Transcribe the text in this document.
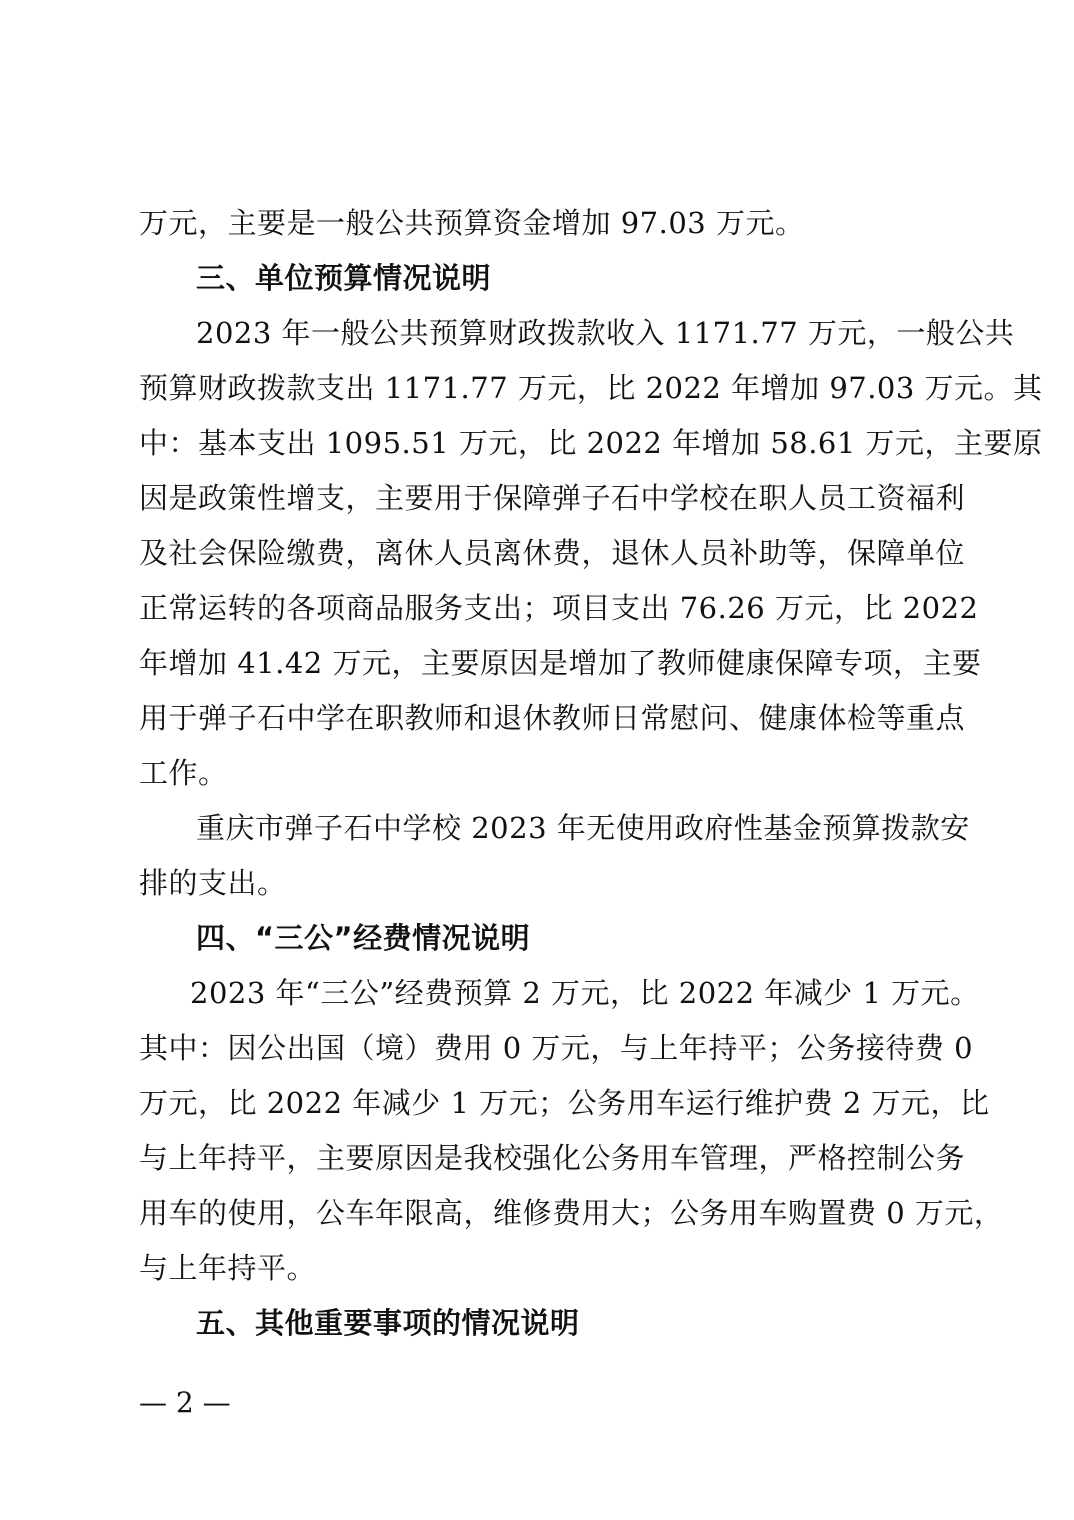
万元，主要是一般公共预算资金增加 97.03 万元。
三、单位预算情况说明
2023 年一般公共预算财政拨款收入 1171.77 万元，一般公共
预算财政拨款支出 1171.77 万元，比 2022 年增加 97.03 万元。其
中：基本支出 1095.51 万元，比 2022 年增加 58.61 万元，主要原
因是政策性增支，主要用于保障弹子石中学校在职人员工资福利
及社会保险缴费，离休人员离休费，退休人员补助等，保障单位
正常运转的各项商品服务支出；项目支出 76.26 万元，比 2022
年增加 41.42 万元，主要原因是增加了教师健康保障专项，主要
用于弹子石中学在职教师和退休教师日常慰问、健康体检等重点
工作。
重庆市弹子石中学校 2023 年无使用政府性基金预算拨款安
排的支出。
四、“三公”经费情况说明
2023 年“三公”经费预算 2 万元，比 2022 年减少 1 万元。
其中：因公出国（境）费用 0 万元，与上年持平；公务接待费 0
万元，比 2022 年减少 1 万元；公务用车运行维护费 2 万元，比
与上年持平，主要原因是我校强化公务用车管理，严格控制公务
用车的使用，公车年限高，维修费用大；公务用车购置费 0 万元，
与上年持平。
五、其他重要事项的情况说明
— 2 —
